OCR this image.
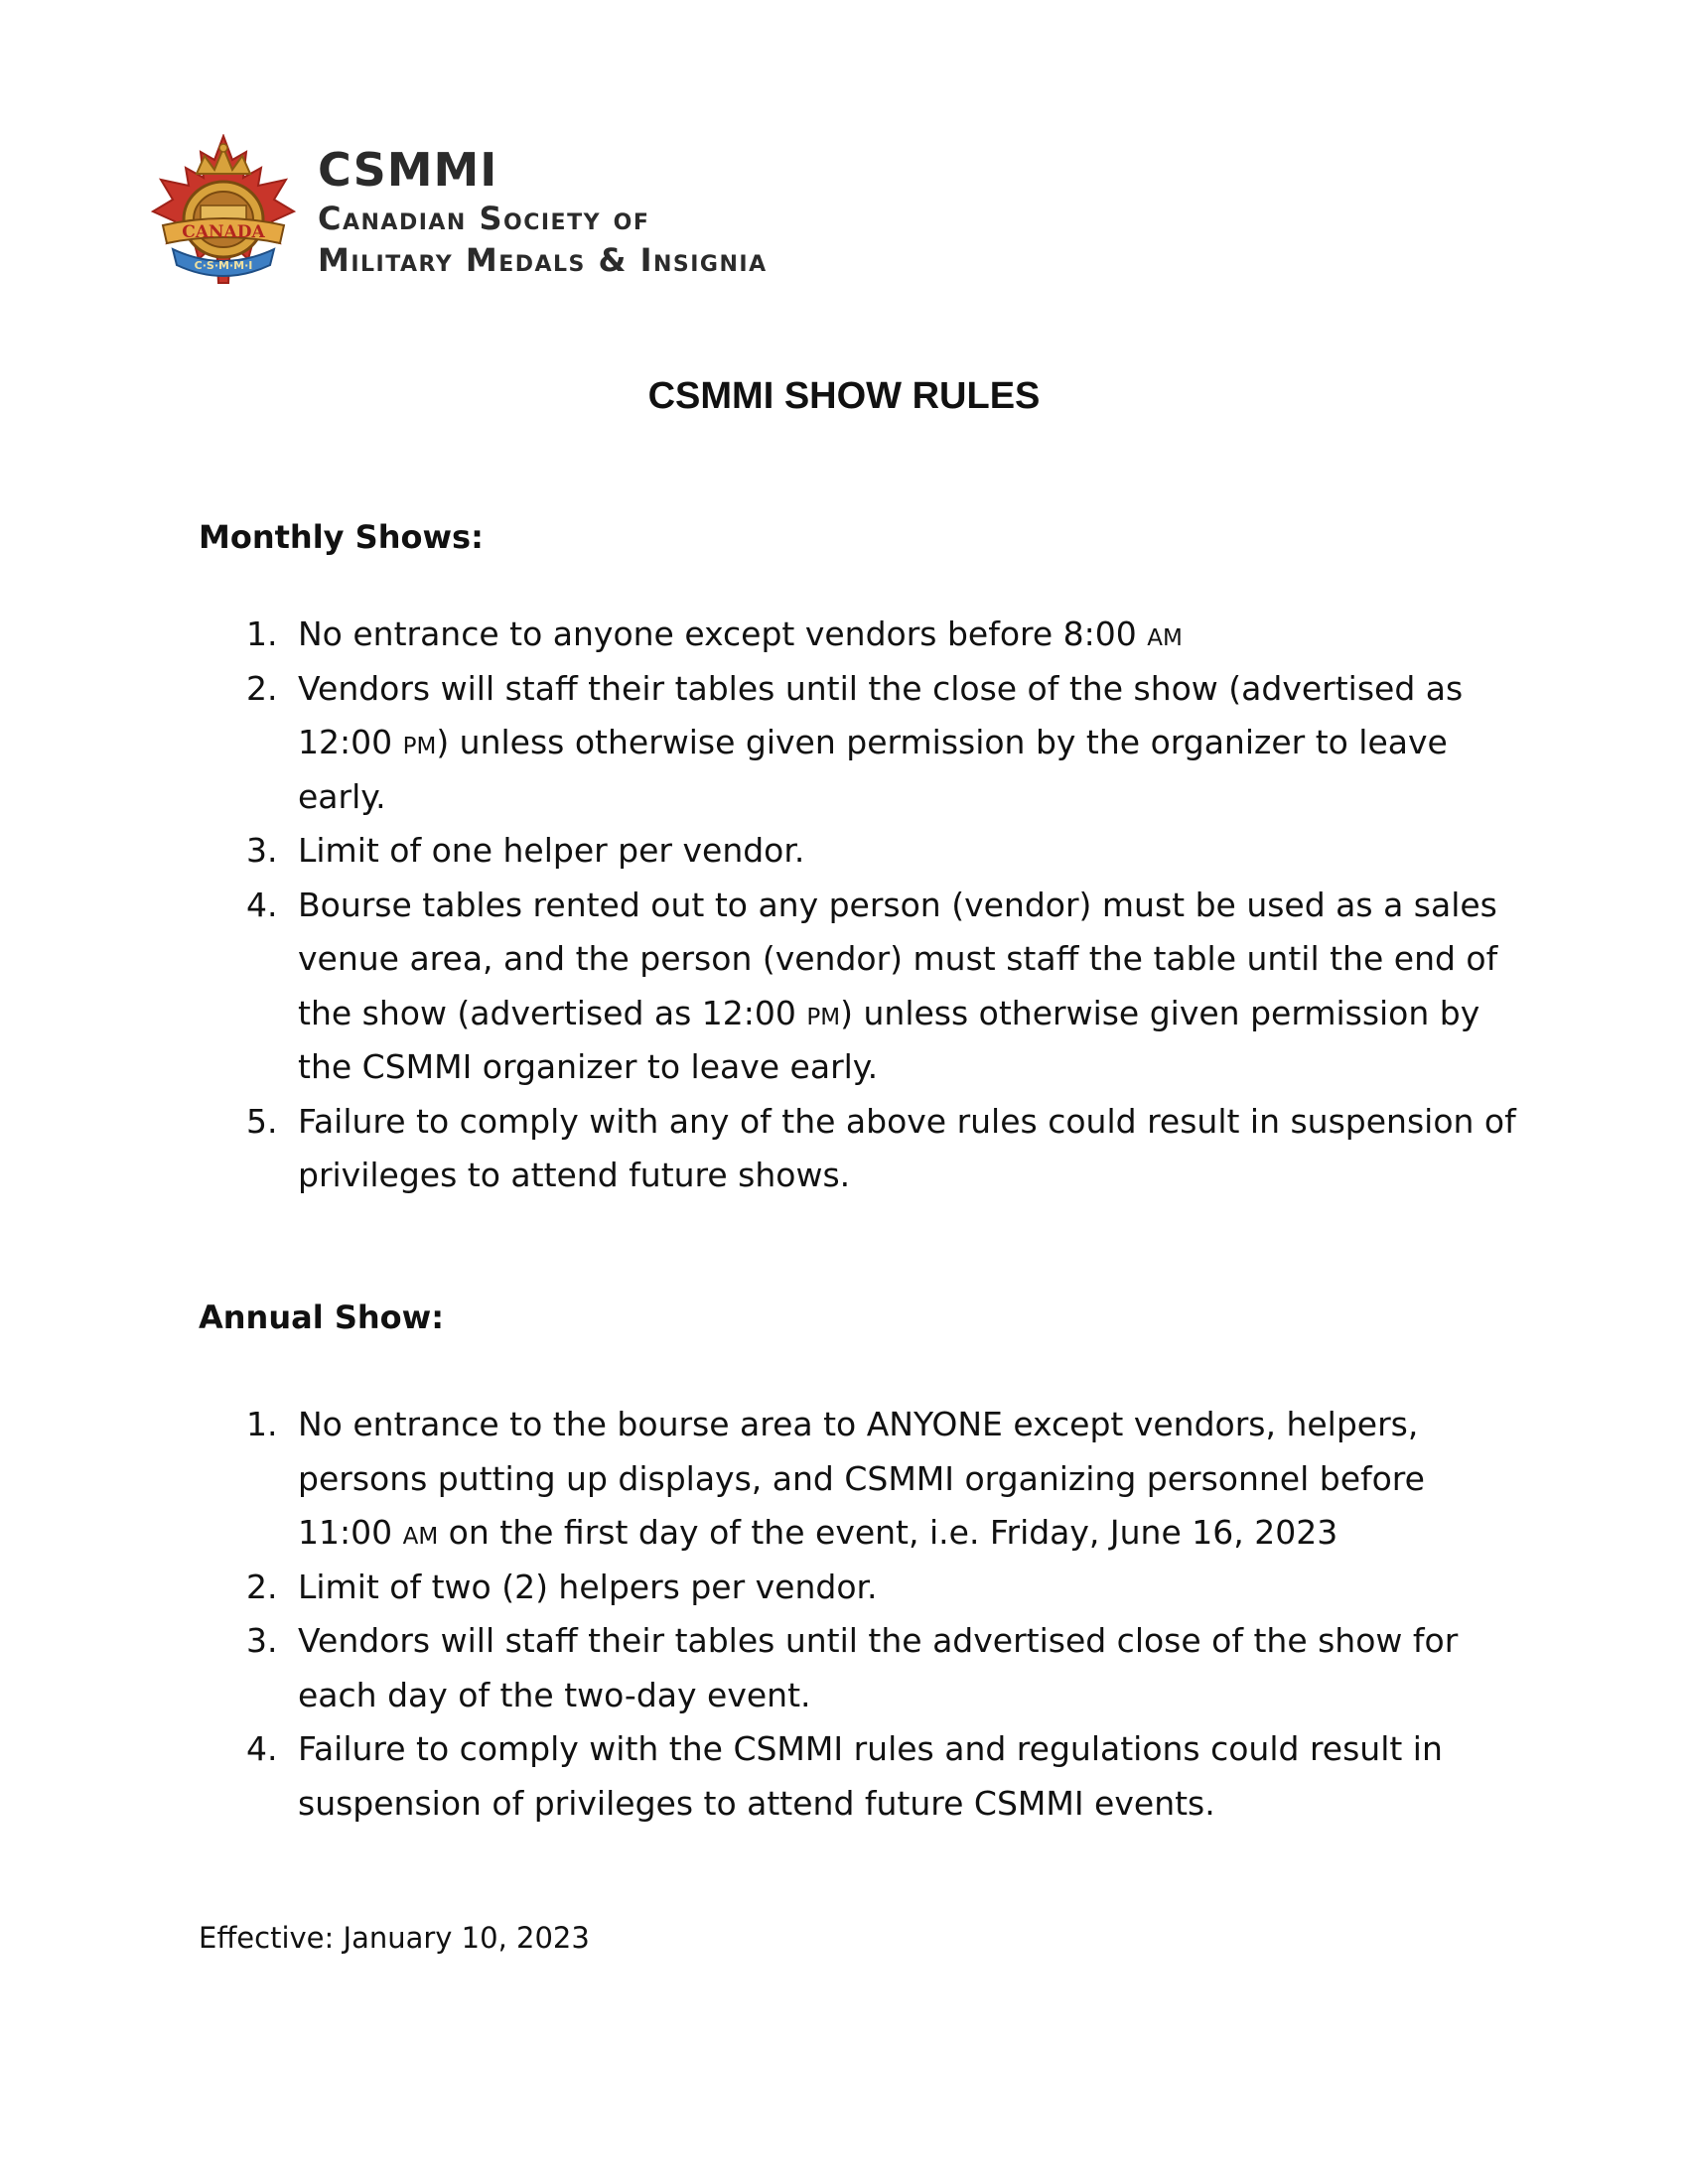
CANADA
C·S·M·M·I
CSMMI
Canadian Society of
Military Medals & Insignia
CSMMI SHOW RULES
Monthly Shows:
1. No entrance to anyone except vendors before 8:00 am
2. Vendors will staff their tables until the close of the show (advertised as 12:00 pm) unless otherwise given permission by the organizer to leave early.
3. Limit of one helper per vendor.
4. Bourse tables rented out to any person (vendor) must be used as a sales venue area, and the person (vendor) must staff the table until the end of the show (advertised as 12:00 pm) unless otherwise given permission by the CSMMI organizer to leave early.
5. Failure to comply with any of the above rules could result in suspension of privileges to attend future shows.
Annual Show:
1. No entrance to the bourse area to ANYONE except vendors, helpers, persons putting up displays, and CSMMI organizing personnel before 11:00 am on the first day of the event, i.e. Friday, June 16, 2023
2. Limit of two (2) helpers per vendor.
3. Vendors will staff their tables until the advertised close of the show for each day of the two-day event.
4. Failure to comply with the CSMMI rules and regulations could result in suspension of privileges to attend future CSMMI events.
Effective: January 10, 2023
